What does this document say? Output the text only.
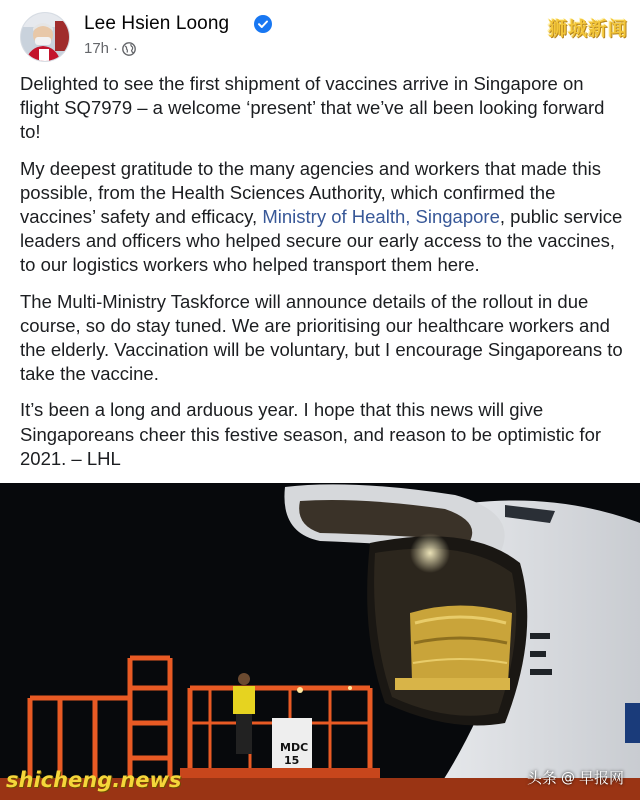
Lee Hsien Loong
17h ·
狮城新闻

Delighted to see the first shipment of vaccines arrive in Singapore on flight SQ7979 – a welcome ‘present’ that we’ve all been looking forward to!

My deepest gratitude to the many agencies and workers that made this possible, from the Health Sciences Authority, which confirmed the vaccines’ safety and efficacy, Ministry of Health, Singapore, public service leaders and officers who helped secure our early access to the vaccines, to our logistics workers who helped transport them here.

The Multi-Ministry Taskforce will announce details of the rollout in due course, so do stay tuned. We are prioritising our healthcare workers and the elderly. Vaccination will be voluntary, but I encourage Singaporeans to take the vaccine.

It’s been a long and arduous year. I hope that this news will give Singaporeans cheer this festive season, and reason to be optimistic for 2021. – LHL

MDC
15
shicheng.news	头条 @ 早报网
